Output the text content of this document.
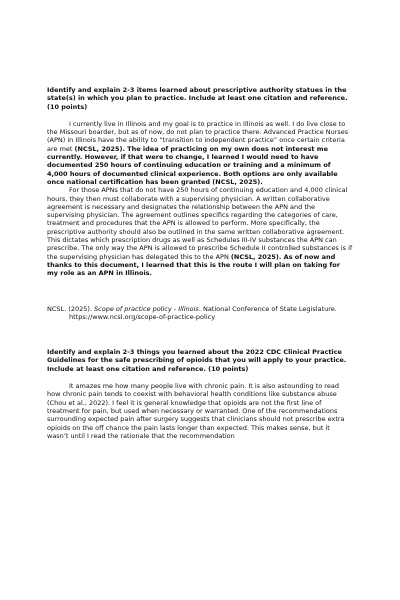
Identify and explain 2-3 items learned about prescriptive authority statues in the state(s) in which you plan to practice. Include at least one citation and reference. (10 points)

I currently live in Illinois and my goal is to practice in Illinois as well. I do live close to the Missouri boarder, but as of now, do not plan to practice there. Advanced Practice Nurses (APN) in Illinois have the ability to “transition to independent practice” once certain criteria are met (NCSL, 2025). The idea of practicing on my own does not interest me currently. However, if that were to change, I learned I would need to have documented 250 hours of continuing education or training and a minimum of 4,000 hours of documented clinical experience. Both options are only available once national certification has been granted (NCSL, 2025).

For those APNs that do not have 250 hours of continuing education and 4,000 clinical hours, they then must collaborate with a supervising physician. A written collaborative agreement is necessary and designates the relationship between the APN and the supervising physician. The agreement outlines specifics regarding the categories of care, treatment and procedures that the APN is allowed to perform. More specifically, the prescriptive authority should also be outlined in the same written collaborative agreement. This dictates which prescription drugs as well as Schedules III-IV substances the APN can prescribe. The only way the APN is allowed to prescribe Schedule II controlled substances is if the supervising physician has delegated this to the APN (NCSL, 2025). As of now and thanks to this document, I learned that this is the route I will plan on taking for my role as an APN in Illinois.

NCSL. (2025). Scope of practice policy - Illinois. National Conference of State Legislature. https://www.ncsl.org/scope-of-practice-policy

Identify and explain 2-3 things you learned about the 2022 CDC Clinical Practice Guidelines for the safe prescribing of opioids that you will apply to your practice. Include at least one citation and reference. (10 points)

It amazes me how many people live with chronic pain. It is also astounding to read how chronic pain tends to coexist with behavioral health conditions like substance abuse (Chou et al., 2022). I feel it is general knowledge that opioids are not the first line of treatment for pain, but used when necessary or warranted. One of the recommendations surrounding expected pain after surgery suggests that clinicians should not prescribe extra opioids on the off chance the pain lasts longer than expected. This makes sense, but it wasn’t until I read the rationale that the recommendation
